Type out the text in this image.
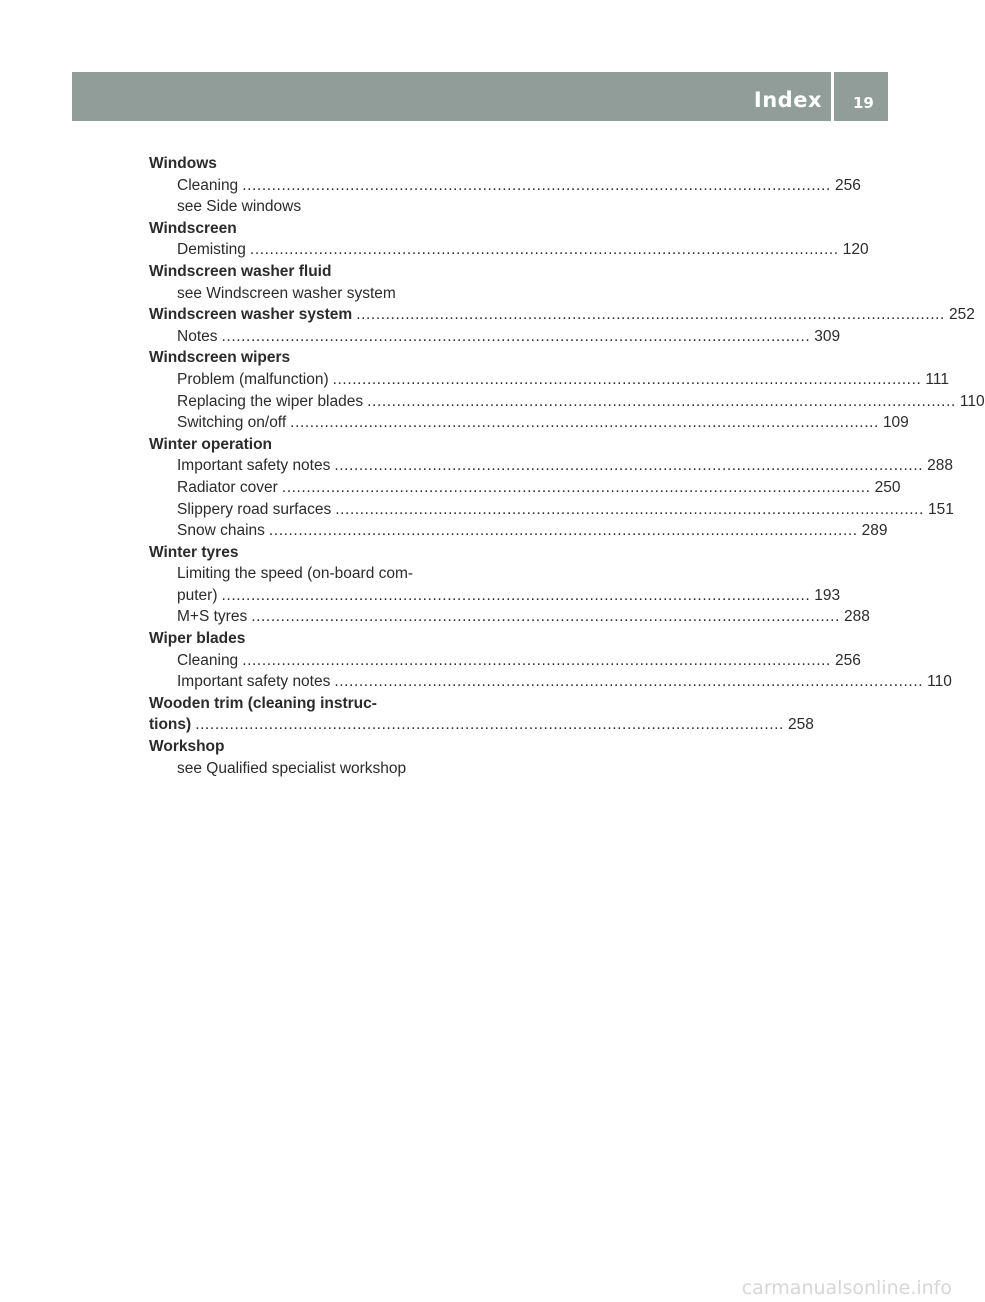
Index 19
Windows
Cleaning ........................................................................................................................ 256
see Side windows
Windscreen
Demisting ........................................................................................................................ 120
Windscreen washer fluid
see Windscreen washer system
Windscreen washer system ........................................................................................................................ 252
Notes ........................................................................................................................ 309
Windscreen wipers
Problem (malfunction) ........................................................................................................................ 111
Replacing the wiper blades ........................................................................................................................ 110
Switching on/off ........................................................................................................................ 109
Winter operation
Important safety notes ........................................................................................................................ 288
Radiator cover ........................................................................................................................ 250
Slippery road surfaces ........................................................................................................................ 151
Snow chains ........................................................................................................................ 289
Winter tyres
Limiting the speed (on-board com-
puter) ........................................................................................................................ 193
M+S tyres ........................................................................................................................ 288
Wiper blades
Cleaning ........................................................................................................................ 256
Important safety notes ........................................................................................................................ 110
Wooden trim (cleaning instruc-
tions) ........................................................................................................................ 258
Workshop
see Qualified specialist workshop
carmanualsonline.info
